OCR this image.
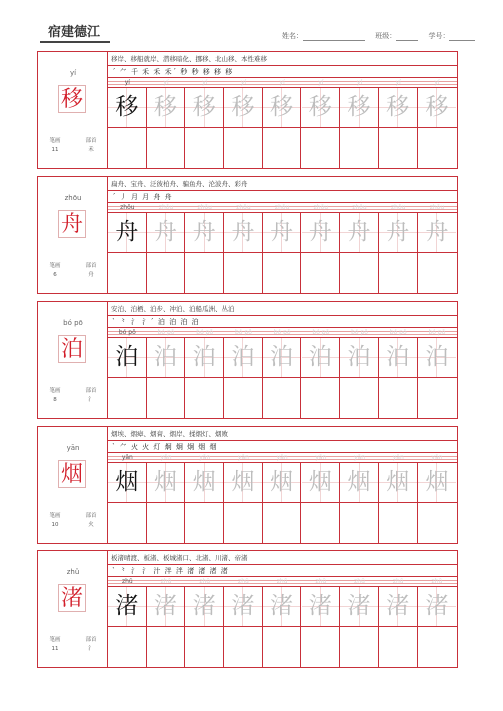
宿建德江	姓名：	班级：	学号：
yí
移
笔画
11
部首
禾
移岸、移船就岸、潜移暗化、挪移、北山移、本性难移
ˊ ⺈ 千 禾 禾 禾ˊ 秒 秒 移 移 移
yí	yí	yí	yí	yí	yí	yí	yí	yí
移 移 移 移 移 移 移 移 移
zhōu
舟
笔画
6
部首
舟
扁舟、宝舟、泛彼柏舟、骗鱼舟、沦波舟、彩舟
ˊ 丿 月 月 舟 舟
zhōu	zhōu	zhōu	zhōu	zhōu	zhōu	zhōu	zhōu	zhōu
舟 舟 舟 舟 舟 舟 舟 舟 舟
bó pō
泊
笔画
8
部首
氵
安泊、泊栖、泊步、冲泊、泊船瓜洲、丛泊
ˋ ⺀ 氵 氵ˊ 泊 泊 泊 泊
bó pō	bó pō	bó pō	bó pō	bó pō	bó pō	bó pō	bó pō	bó pō
泊 泊 泊 泊 泊 泊 泊 泊 泊
yān
烟
笔画
10
部首
火
烟埃、烟瘴、烟膏、烟岸、揉烟灯、烟败
ˋ ⺈ 火 火 灯 炯 炯 炯 烟 烟
yān	yān	yān	yān	yān	yān	yān	yān	yān
烟 烟 烟 烟 烟 烟 烟 烟 烟
zhǔ
渚
笔画
11
部首
氵
板渚晴渡、板渚、板城渚口、北渚、川渚、帝渚
ˋ ⺀ 氵 氵 汁 泮 泮 渚 渚 渚 渚
zhǔ	zhǔ	zhǔ	zhǔ	zhǔ	zhǔ	zhǔ	zhǔ	zhǔ
渚 渚 渚 渚 渚 渚 渚 渚 渚
